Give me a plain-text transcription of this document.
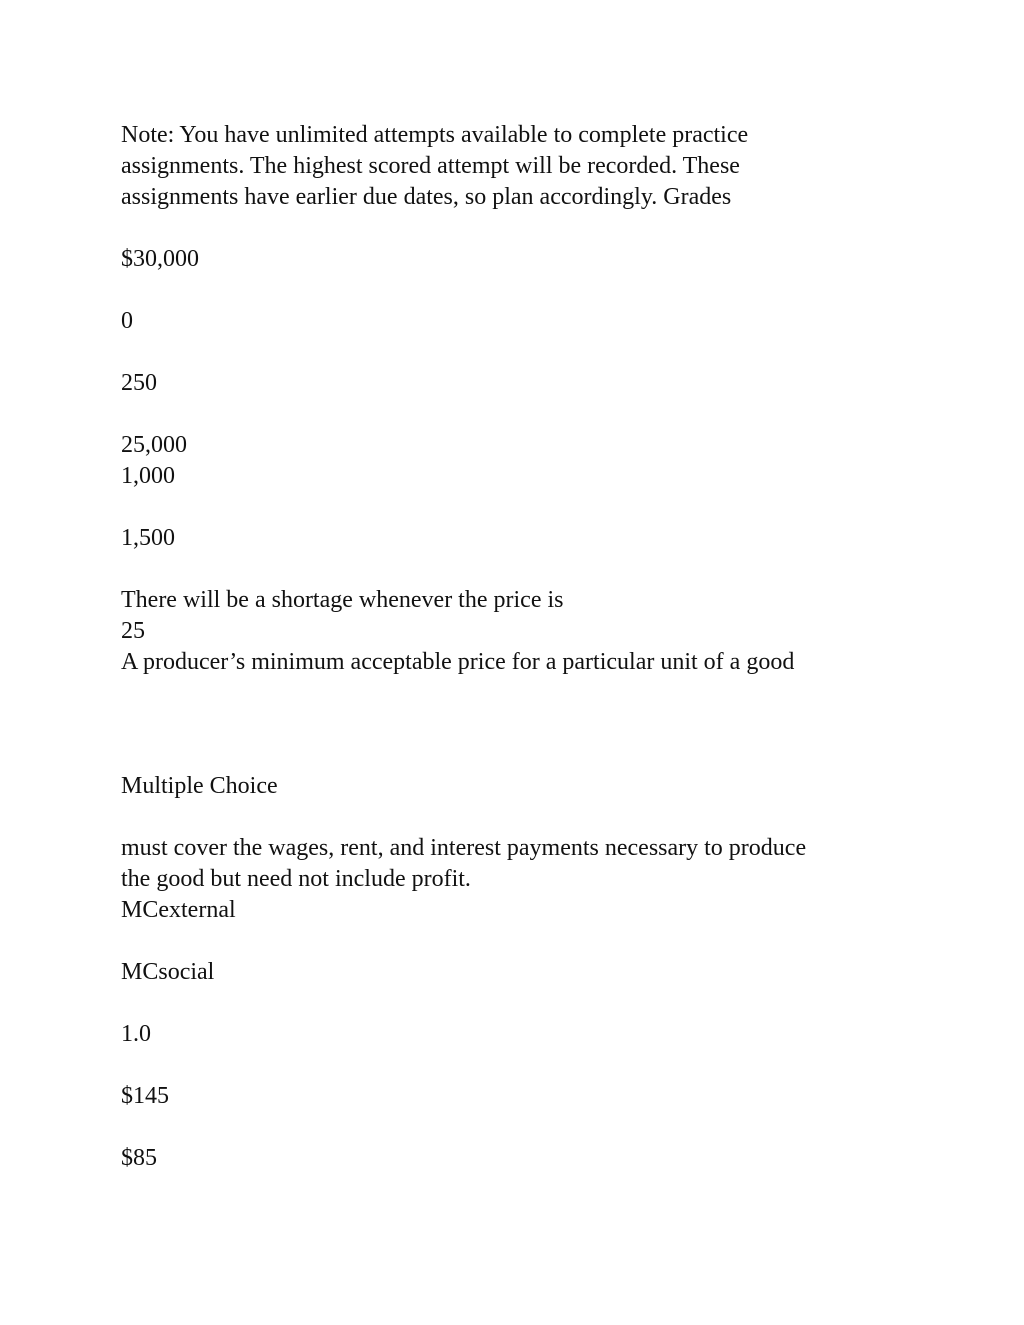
Note: You have unlimited attempts available to complete practice
assignments. The highest scored attempt will be recorded. These
assignments have earlier due dates, so plan accordingly. Grades
$30,000
0
250
25,000
1,000
1,500
There will be a shortage whenever the price is
25
A producer’s minimum acceptable price for a particular unit of a good
Multiple Choice
must cover the wages, rent, and interest payments necessary to produce
the good but need not include profit.
MCexternal
MCsocial
1.0
$145
$85
